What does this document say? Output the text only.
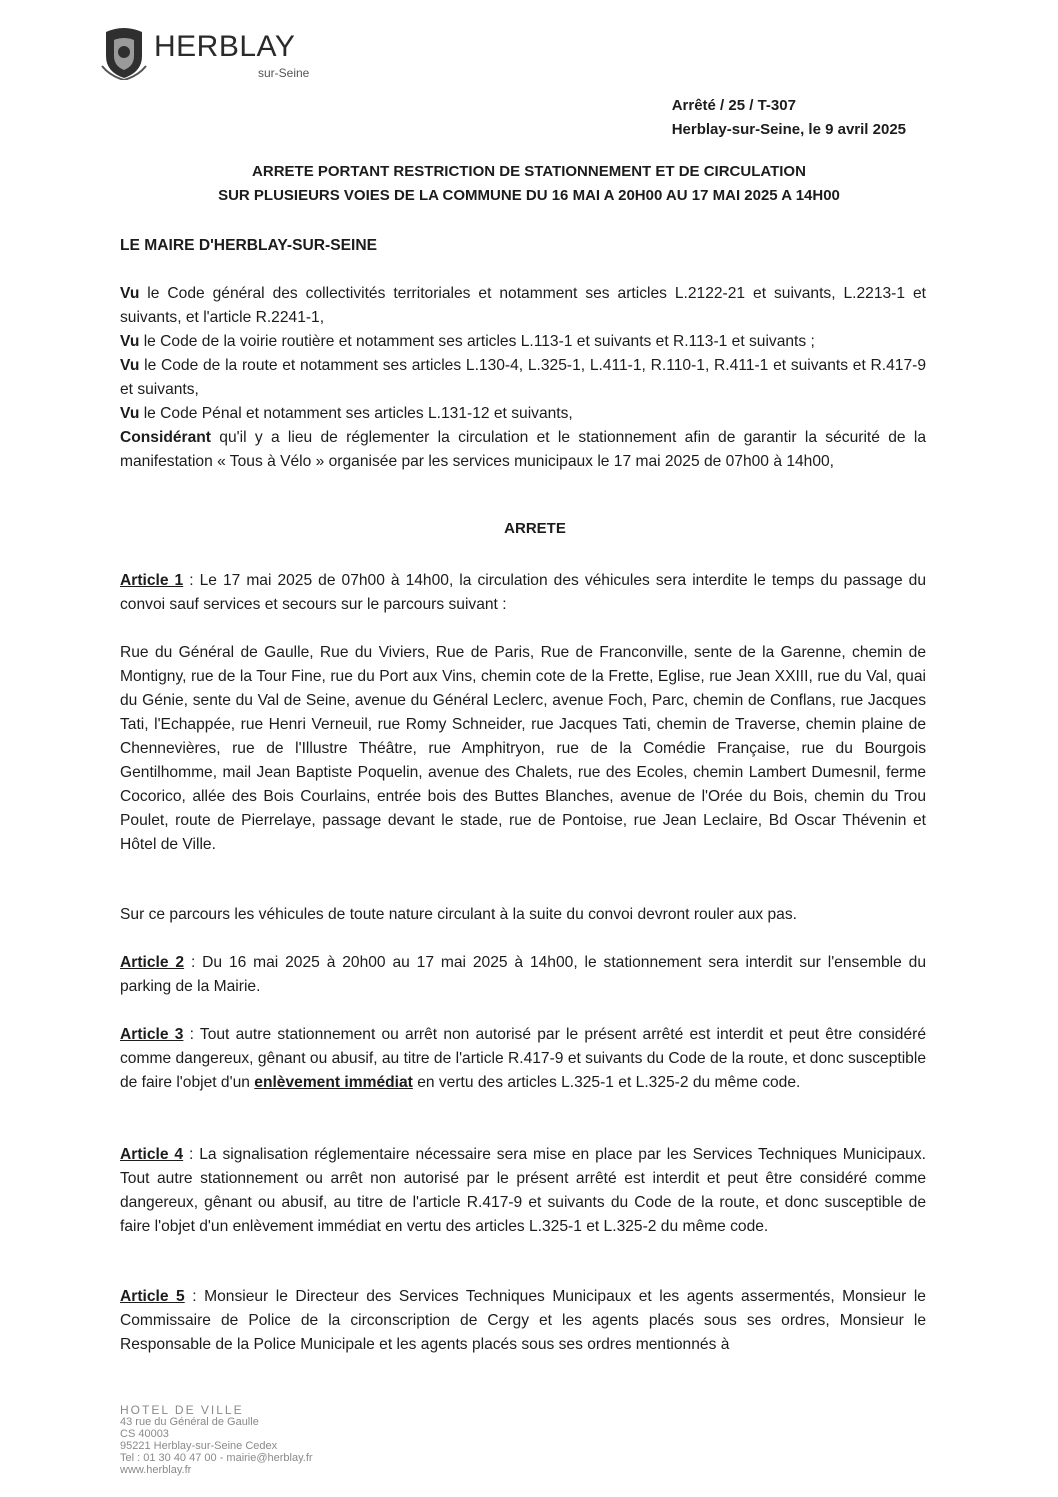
HERBLAY
sur-Seine
Arrêté / 25 / T-307
Herblay-sur-Seine, le 9 avril 2025
ARRETE PORTANT RESTRICTION DE STATIONNEMENT ET DE CIRCULATION
SUR PLUSIEURS VOIES DE LA COMMUNE DU 16 MAI A 20H00 AU 17 MAI 2025 A 14H00
LE MAIRE D'HERBLAY-SUR-SEINE

Vu le Code général des collectivités territoriales et notamment ses articles L.2122-21 et suivants, L.2213-1 et suivants, et l'article R.2241-1,

Vu le Code de la voirie routière et notamment ses articles L.113-1 et suivants et R.113-1 et suivants ;

Vu le Code de la route et notamment ses articles L.130-4, L.325-1, L.411-1, R.110-1, R.411-1 et suivants et R.417-9 et suivants,

Vu le Code Pénal et notamment ses articles L.131-12 et suivants,

Considérant qu'il y a lieu de réglementer la circulation et le stationnement afin de garantir la sécurité de la manifestation « Tous à Vélo » organisée par les services municipaux le 17 mai 2025 de 07h00 à 14h00,

ARRETE

Article 1 : Le 17 mai 2025 de 07h00 à 14h00, la circulation des véhicules sera interdite le temps du passage du convoi sauf services et secours sur le parcours suivant :

Rue du Général de Gaulle, Rue du Viviers, Rue de Paris, Rue de Franconville, sente de la Garenne, chemin de Montigny, rue de la Tour Fine, rue du Port aux Vins, chemin cote de la Frette, Eglise, rue Jean XXIII, rue du Val, quai du Génie, sente du Val de Seine, avenue du Général Leclerc, avenue Foch, Parc, chemin de Conflans, rue Jacques Tati, l'Echappée, rue Henri Verneuil, rue Romy Schneider, rue Jacques Tati, chemin de Traverse, chemin plaine de Chennevières, rue de l'Illustre Théâtre, rue Amphitryon, rue de la Comédie Française, rue du Bourgois Gentilhomme, mail Jean Baptiste Poquelin, avenue des Chalets, rue des Ecoles, chemin Lambert Dumesnil, ferme Cocorico, allée des Bois Courlains, entrée bois des Buttes Blanches, avenue de l'Orée du Bois, chemin du Trou Poulet, route de Pierrelaye, passage devant le stade, rue de Pontoise, rue Jean Leclaire, Bd Oscar Thévenin et Hôtel de Ville.

Sur ce parcours les véhicules de toute nature circulant à la suite du convoi devront rouler aux pas.

Article 2 : Du 16 mai 2025 à 20h00 au 17 mai 2025 à 14h00, le stationnement sera interdit sur l'ensemble du parking de la Mairie.

Article 3 : Tout autre stationnement ou arrêt non autorisé par le présent arrêté est interdit et peut être considéré comme dangereux, gênant ou abusif, au titre de l'article R.417-9 et suivants du Code de la route, et donc susceptible de faire l'objet d'un enlèvement immédiat en vertu des articles L.325-1 et L.325-2 du même code.

Article 4 : La signalisation réglementaire nécessaire sera mise en place par les Services Techniques Municipaux. Tout autre stationnement ou arrêt non autorisé par le présent arrêté est interdit et peut être considéré comme dangereux, gênant ou abusif, au titre de l'article R.417-9 et suivants du Code de la route, et donc susceptible de faire l'objet d'un enlèvement immédiat en vertu des articles L.325-1 et L.325-2 du même code.

Article 5 : Monsieur le Directeur des Services Techniques Municipaux et les agents assermentés, Monsieur le Commissaire de Police de la circonscription de Cergy et les agents placés sous ses ordres, Monsieur le Responsable de la Police Municipale et les agents placés sous ses ordres mentionnés à

HOTEL DE VILLE
43 rue du Général de Gaulle
CS 40003
95221 Herblay-sur-Seine Cedex
Tel : 01 30 40 47 00 - mairie@herblay.fr
www.herblay.fr
